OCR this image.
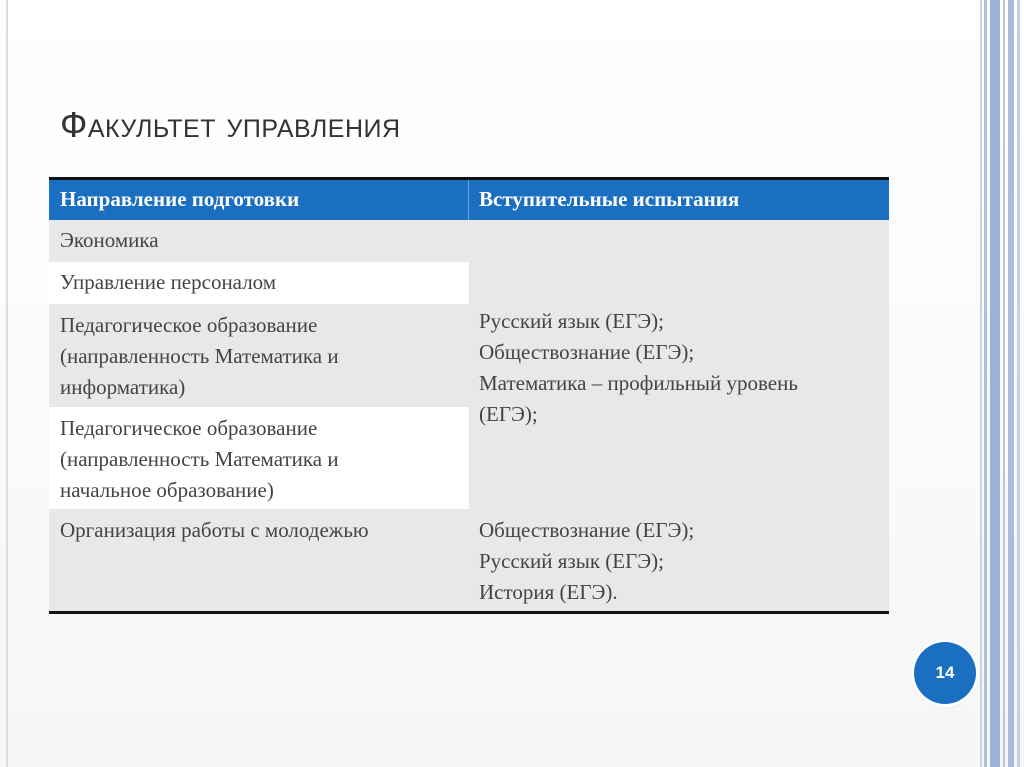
Факультет управления
Направление подготовки	Вступительные испытания
Экономика
Управление персоналом
Педагогическое образование
(направленность Математика и
информатика)
Педагогическое образование
(направленность Математика и
начальное образование)
Организация работы с молодежью
Русский язык (ЕГЭ);
Обществознание (ЕГЭ);
Математика – профильный уровень
(ЕГЭ);
Обществознание (ЕГЭ);
Русский язык (ЕГЭ);
История (ЕГЭ).
14
